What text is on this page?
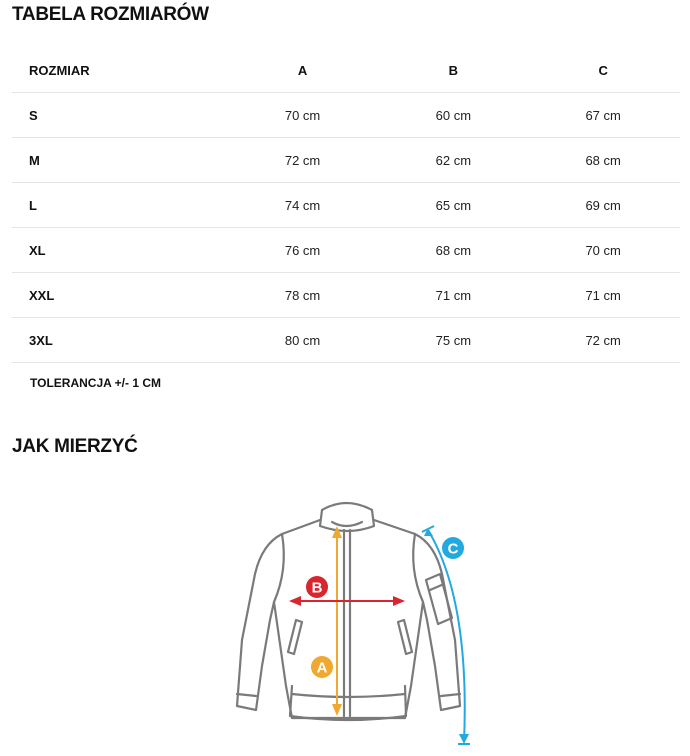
TABELA ROZMIARÓW
ROZMIAR	A	B	C
S	70 cm	60 cm	67 cm
M	72 cm	62 cm	68 cm
L	74 cm	65 cm	69 cm
XL	76 cm	68 cm	70 cm
XXL	78 cm	71 cm	71 cm
3XL	80 cm	75 cm	72 cm
TOLERANCJA +/- 1 CM
JAK MIERZYĆ
A
B
C
